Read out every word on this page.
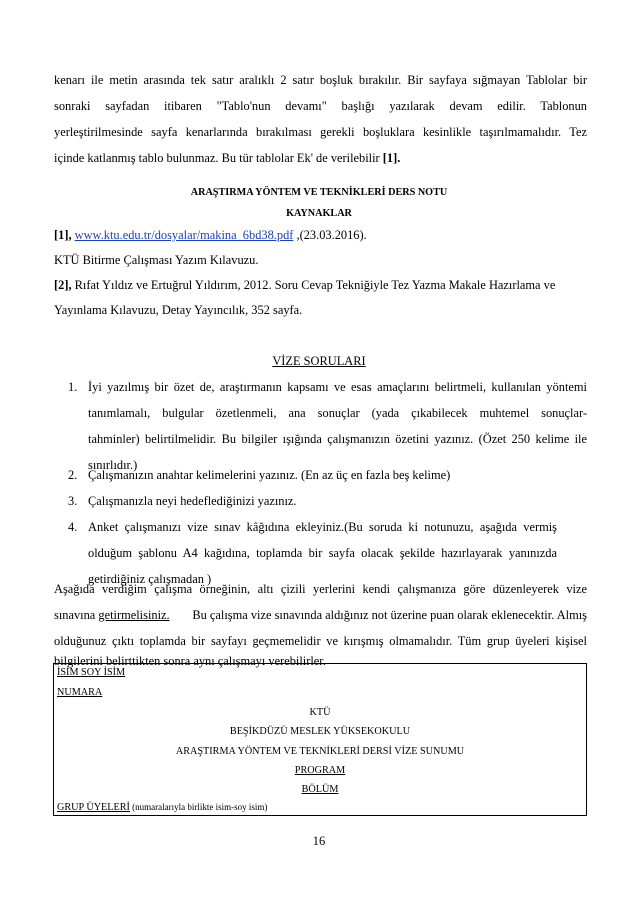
kenarı ile metin arasında tek satır aralıklı 2 satır boşluk bırakılır. Bir sayfaya sığmayan Tablolar bir
sonraki sayfadan itibaren "Tablo'nun devamı" başlığı yazılarak devam edilir. Tablonun
yerleştirilmesinde sayfa kenarlarında bırakılması gerekli boşluklara kesinlikle taşırılmamalıdır. Tez
içinde katlanmış tablo bulunmaz. Bu tür tablolar Ek' de verilebilir [1].
ARAŞTIRMA YÖNTEM VE TEKNİKLERİ DERS NOTU
KAYNAKLAR
[1], www.ktu.edu.tr/dosyalar/makina_6bd38.pdf ,(23.03.2016).
KTÜ Bitirme Çalışması Yazım Kılavuzu.
[2], Rıfat Yıldız ve Ertuğrul Yıldırım, 2012. Soru Cevap Tekniğiyle Tez Yazma Makale Hazırlama ve
Yayınlama Kılavuzu, Detay Yayıncılık, 352 sayfa.
VİZE SORULARI
1. İyi yazılmış bir özet de, araştırmanın kapsamı ve esas amaçlarını belirtmeli, kullanılan yöntemi
tanımlamalı, bulgular özetlenmeli, ana sonuçlar (yada çıkabilecek muhtemel sonuçlar-
tahminler) belirtilmelidir. Bu bilgiler ışığında çalışmanızın özetini yazınız. (Özet 250 kelime ile
sınırlıdır.)
2. Çalışmanızın anahtar kelimelerini yazınız. (En az üç en fazla beş kelime)
3. Çalışmanızla neyi hedeflediğinizi yazınız.
4. Anket çalışmanızı vize sınav kâğıdına ekleyiniz.(Bu soruda ki notunuzu, aşağıda vermiş
olduğum şablonu A4 kağıdına, toplamda bir sayfa olacak şekilde hazırlayarak yanınızda
getirdiğiniz çalışmadan )
Aşağıda verdiğim çalışma örneğinin, altı çizili yerlerini kendi çalışmanıza göre düzenleyerek vize
sınavına getirmelisiniz. Bu çalışma vize sınavında aldığınız not üzerine puan olarak eklenecektir. Almış
olduğunuz çıktı toplamda bir sayfayı geçmemelidir ve kırışmış olmamalıdır. Tüm grup üyeleri kişisel
bilgilerini belirttikten sonra aynı çalışmayı verebilirler.
İSİM SOY İSİM
NUMARA
KTÜ
BEŞİKDÜZÜ MESLEK YÜKSEKOKULU
ARAŞTIRMA YÖNTEM VE TEKNİKLERİ DERSİ VİZE SUNUMU
PROGRAM
BÖLÜM
GRUP ÜYELERİ (numaralarıyla birlikte isim-soy isim)
16
